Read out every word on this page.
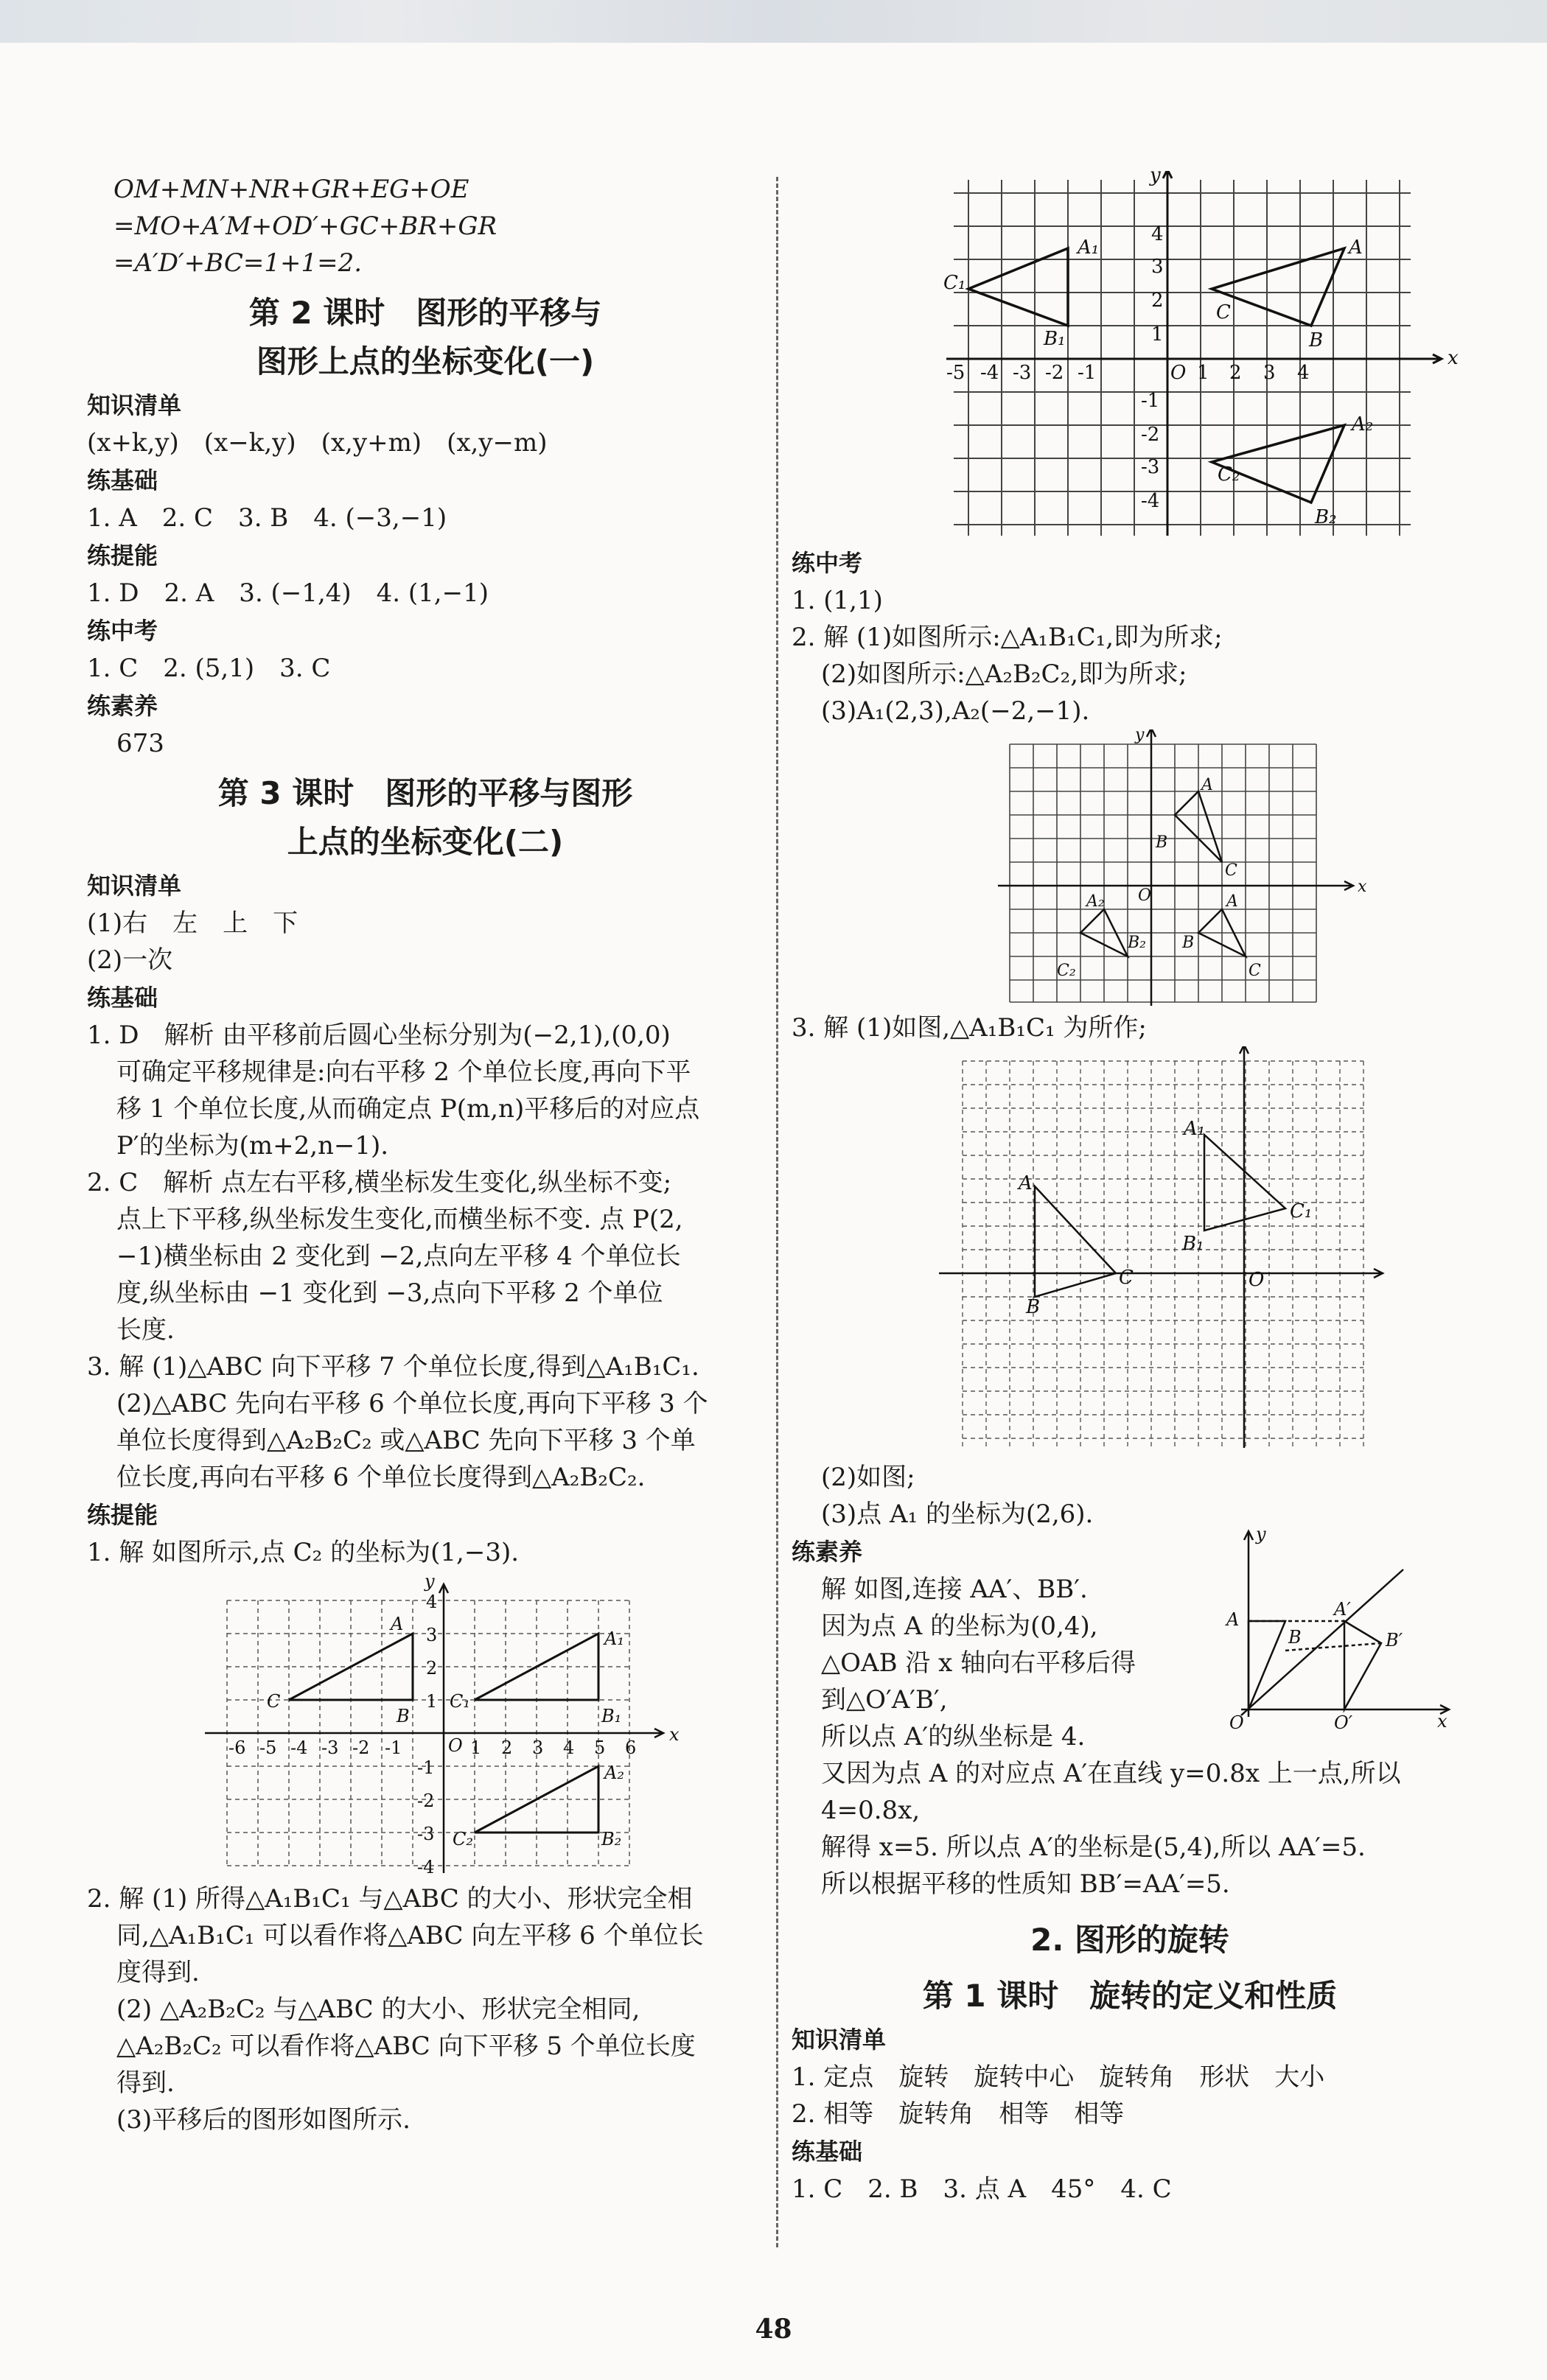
OM+MN+NR+GR+EG+OE

=MO+A′M+OD′+GC+BR+GR

=A′D′+BC=1+1=2.

第 2 课时　图形的平移与

图形上点的坐标变化(一)

知识清单

(x+k,y)　(x−k,y)　(x,y+m)　(x,y−m)

练基础

1. A　2. C　3. B　4. (−3,−1)

练提能

1. D　2. A　3. (−1,4)　4. (1,−1)

练中考

1. C　2. (5,1)　3. C

练素养

673

第 3 课时　图形的平移与图形

上点的坐标变化(二)

知识清单

(1)右　左　上　下

(2)一次

练基础

1. D　解析 由平移前后圆心坐标分别为(−2,1),(0,0)

可确定平移规律是:向右平移 2 个单位长度,再向下平

移 1 个单位长度,从而确定点 P(m,n)平移后的对应点

P′的坐标为(m+2,n−1).

2. C　解析 点左右平移,横坐标发生变化,纵坐标不变;

点上下平移,纵坐标发生变化,而横坐标不变. 点 P(2,

−1)横坐标由 2 变化到 −2,点向左平移 4 个单位长

度,纵坐标由 −1 变化到 −3,点向下平移 2 个单位

长度.

3. 解 (1)△ABC 向下平移 7 个单位长度,得到△A₁B₁C₁.

(2)△ABC 先向右平移 6 个单位长度,再向下平移 3 个

单位长度得到△A₂B₂C₂ 或△ABC 先向下平移 3 个单

位长度,再向右平移 6 个单位长度得到△A₂B₂C₂.

练提能

1. 解 如图所示,点 C₂ 的坐标为(1,−3).

x
y
O
-6 -5 -4 -3 -2 -1	1 2 3 4 5 6
4
3
2
1
-1
-2
-3
-4
A
B
C
A₁
B₁
C₁
A₂
B₂
C₂

2. 解 (1) 所得△A₁B₁C₁ 与△ABC 的大小、形状完全相

同,△A₁B₁C₁ 可以看作将△ABC 向左平移 6 个单位长

度得到.

(2) △A₂B₂C₂ 与△ABC 的大小、形状完全相同,

△A₂B₂C₂ 可以看作将△ABC 向下平移 5 个单位长度

得到.

(3)平移后的图形如图所示.

x
y
O
-5 -4 -3 -2 -1	1 2 3 4
4
3
2
1
-1
-2
-3
-4
A
B
C
A₁
B₁
C₁
A₂
B₂
C₂

练中考

1. (1,1)

2. 解 (1)如图所示:△A₁B₁C₁,即为所求;

(2)如图所示:△A₂B₂C₂,即为所求;

(3)A₁(2,3),A₂(−2,−1).

x
y
O
A
B
C
A₂
B₂
C₂
A
B
C

3. 解 (1)如图,△A₁B₁C₁ 为所作;

O
A
B
C
A₁
B₁
C₁

(2)如图;

(3)点 A₁ 的坐标为(2,6).

练素养

解 如图,连接 AA′、BB′.

因为点 A 的坐标为(0,4),

△OAB 沿 x 轴向右平移后得

到△O′A′B′,

所以点 A′的纵坐标是 4.

又因为点 A 的对应点 A′在直线 y=0.8x 上一点,所以

4=0.8x,

解得 x=5. 所以点 A′的坐标是(5,4),所以 AA′=5.

所以根据平移的性质知 BB′=AA′=5.

y
x
O
A
B
A′
B′
O′

2. 图形的旋转

第 1 课时　旋转的定义和性质

知识清单

1. 定点　旋转　旋转中心　旋转角　形状　大小

2. 相等　旋转角　相等　相等

练基础

1. C　2. B　3. 点 A　45°　4. C

48
